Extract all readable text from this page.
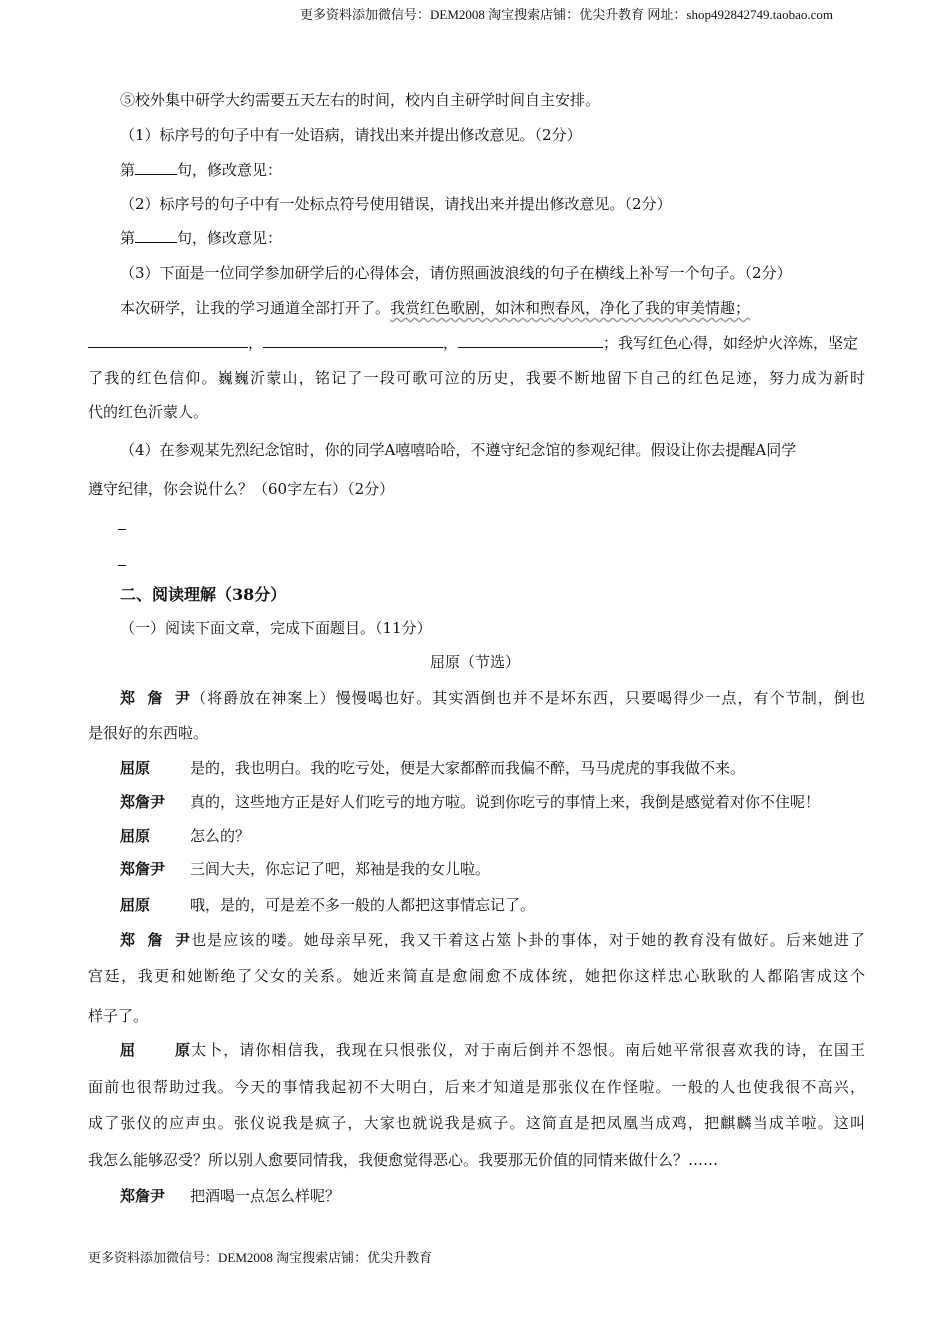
更多资料添加微信号：DEM2008 淘宝搜索店铺：优尖升教育 网址：shop492842749.taobao.com
⑤校外集中研学大约需要五天左右的时间，校内自主研学时间自主安排。
（1）标序号的句子中有一处语病，请找出来并提出修改意见。（2分）
第	句，修改意见：
（2）标序号的句子中有一处标点符号使用错误，请找出来并提出修改意见。（2分）
第	句，修改意见：
（3）下面是一位同学参加研学后的心得体会，请仿照画波浪线的句子在横线上补写一个句子。（2分）
本次研学，让我的学习通道全部打开了。我赏红色歌剧，如沐和煦春风，净化了我的审美情趣；
，	，	；我写红色心得，如经炉火淬炼，坚定
了我的红色信仰。巍巍沂蒙山，铭记了一段可歌可泣的历史，我要不断地留下自己的红色足迹，努力成为新时
代的红色沂蒙人。
（4）在参观某先烈纪念馆时，你的同学A嘻嘻哈哈，不遵守纪念馆的参观纪律。假设让你去提醒A同学
遵守纪律，你会说什么？（60字左右）（2分）
二、阅读理解（38分）
（一）阅读下面文章，完成下面题目。（11分）
屈原（节选）
郑詹尹（将爵放在神案上）慢慢喝也好。其实酒倒也并不是坏东西，只要喝得少一点，有个节制，倒也
是很好的东西啦。
屈原	是的，我也明白。我的吃亏处，便是大家都醉而我偏不醉，马马虎虎的事我做不来。
郑詹尹 真的，这些地方正是好人们吃亏的地方啦。说到你吃亏的事情上来，我倒是感觉着对你不住呢！
屈原	怎么的？
郑詹尹 三闾大夫，你忘记了吧，郑袖是我的女儿啦。
屈原	哦，是的，可是差不多一般的人都把这事情忘记了。
郑詹尹也是应该的喽。她母亲早死，我又干着这占筮卜卦的事体，对于她的教育没有做好。后来她进了
宫廷，我更和她断绝了父女的关系。她近来简直是愈闹愈不成体统，她把你这样忠心耿耿的人都陷害成这个
样子了。
屈原太卜，请你相信我，我现在只恨张仪，对于南后倒并不怨恨。南后她平常很喜欢我的诗，在国王
面前也很帮助过我。今天的事情我起初不大明白，后来才知道是那张仪在作怪啦。一般的人也使我很不高兴，
成了张仪的应声虫。张仪说我是疯子，大家也就说我是疯子。这简直是把凤凰当成鸡，把麒麟当成羊啦。这叫
我怎么能够忍受？所以别人愈要同情我，我便愈觉得恶心。我要那无价值的同情来做什么？……
郑詹尹 把酒喝一点怎么样呢？
更多资料添加微信号：DEM2008 淘宝搜索店铺：优尖升教育
